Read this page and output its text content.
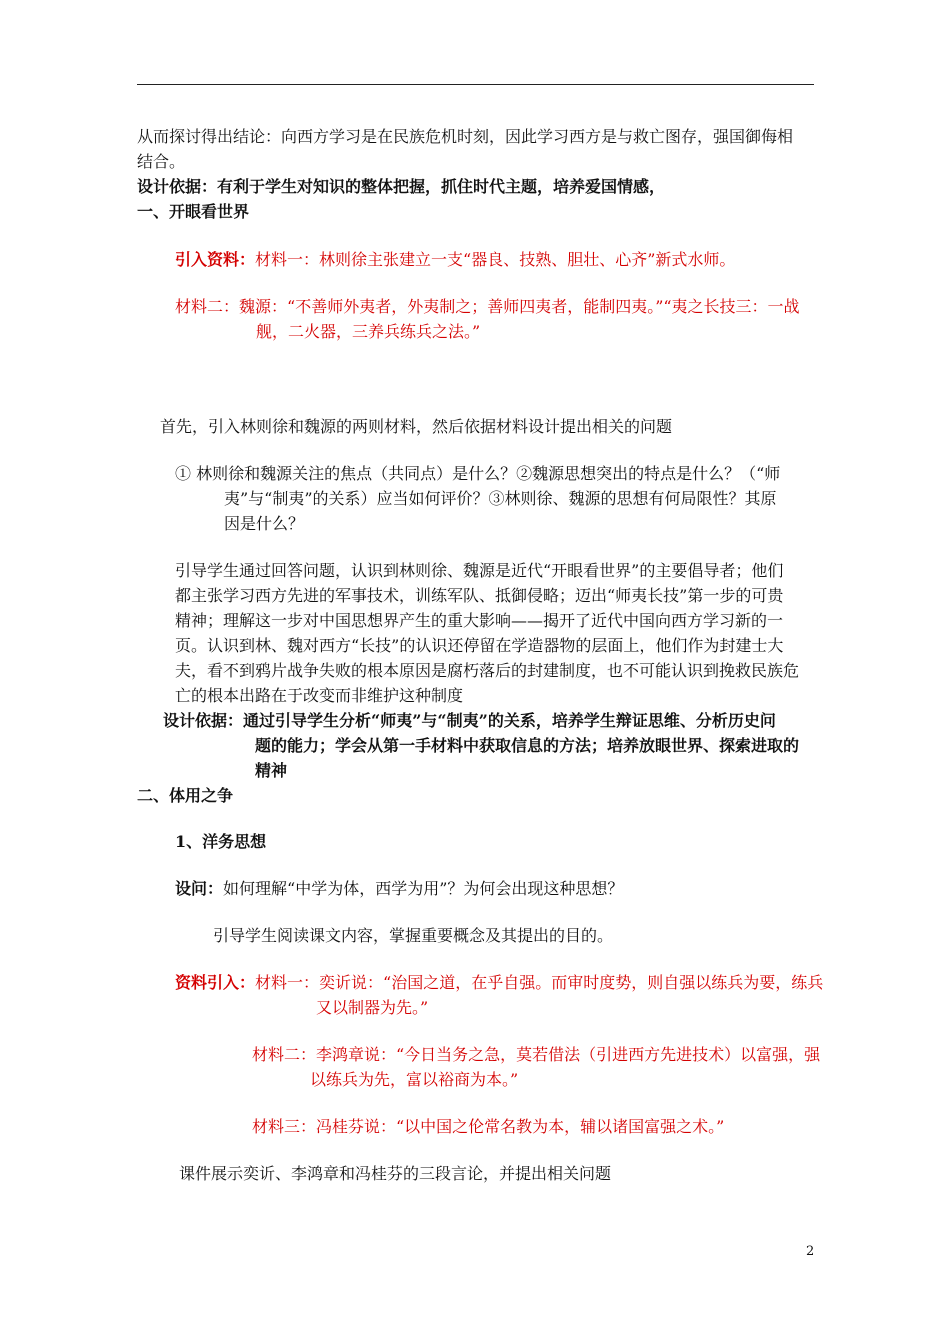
从而探讨得出结论：向西方学习是在民族危机时刻，因此学习西方是与救亡图存，强国御侮相
结合。
设计依据：有利于学生对知识的整体把握，抓住时代主题，培养爱国情感，
一、开眼看世界
引入资料：材料一：林则徐主张建立一支“器良、技熟、胆壮、心齐”新式水师。
材料二：魏源：“不善师外夷者，外夷制之；善师四夷者，能制四夷。”“夷之长技三：一战
舰，二火器，三养兵练兵之法。”
首先，引入林则徐和魏源的两则材料，然后依据材料设计提出相关的问题
① 林则徐和魏源关注的焦点（共同点）是什么？②魏源思想突出的特点是什么？（“师
夷”与“制夷”的关系）应当如何评价？③林则徐、魏源的思想有何局限性？其原
因是什么？
引导学生通过回答问题，认识到林则徐、魏源是近代“开眼看世界”的主要倡导者；他们
都主张学习西方先进的军事技术，训练军队、抵御侵略；迈出“师夷长技”第一步的可贵
精神；理解这一步对中国思想界产生的重大影响——揭开了近代中国向西方学习新的一
页。认识到林、魏对西方“长技”的认识还停留在学造器物的层面上，他们作为封建士大
夫，看不到鸦片战争失败的根本原因是腐朽落后的封建制度，也不可能认识到挽救民族危
亡的根本出路在于改变而非维护这种制度
设计依据：通过引导学生分析“师夷”与“制夷”的关系，培养学生辩证思维、分析历史问
题的能力；学会从第一手材料中获取信息的方法；培养放眼世界、探索进取的
精神
二、体用之争
1、洋务思想
设问：如何理解“中学为体，西学为用”？为何会出现这种思想？
引导学生阅读课文内容，掌握重要概念及其提出的目的。
资料引入：材料一：奕䜣说：“治国之道，在乎自强。而审时度势，则自强以练兵为要，练兵
又以制器为先。”
材料二：李鸿章说：“今日当务之急，莫若借法（引进西方先进技术）以富强，强
以练兵为先，富以裕商为本。”
材料三：冯桂芬说：“以中国之伦常名教为本，辅以诸国富强之术。”
课件展示奕䜣、李鸿章和冯桂芬的三段言论，并提出相关问题
2
